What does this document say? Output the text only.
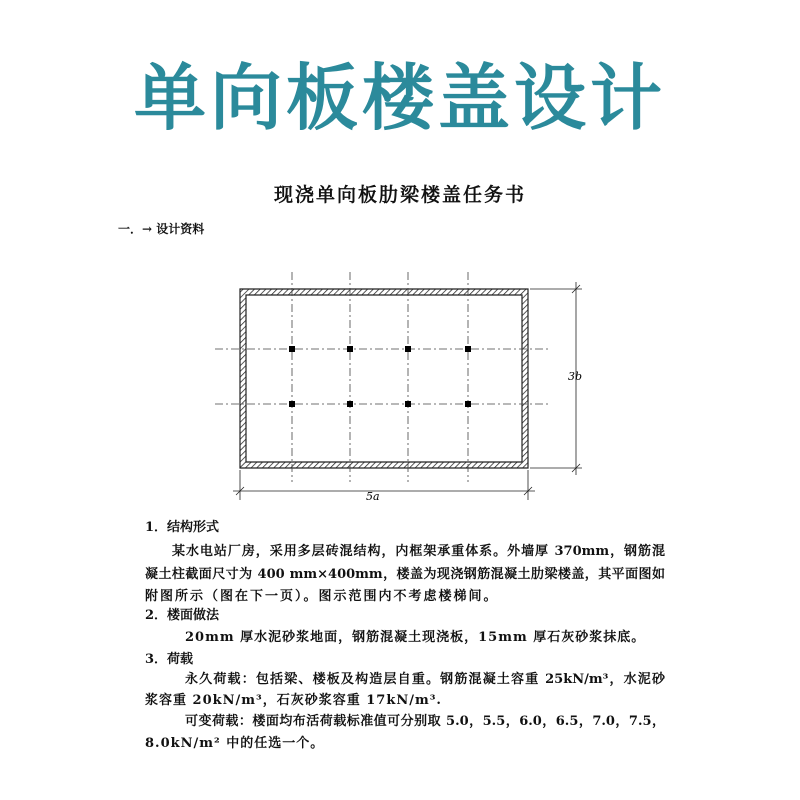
单向板楼盖设计
现浇单向板肋梁楼盖任务书
一．→ 设计资料
3b
5a
1．结构形式
某水电站厂房，采用多层砖混结构，内框架承重体系。外墙厚 370mm，钢筋混
凝土柱截面尺寸为 400 mm×400mm，楼盖为现浇钢筋混凝土肋梁楼盖，其平面图如
附图所示（图在下一页）。图示范围内不考虑楼梯间。
2．楼面做法
20mm 厚水泥砂浆地面，钢筋混凝土现浇板，15mm 厚石灰砂浆抹底。
3．荷载
永久荷载：包括梁、楼板及构造层自重。钢筋混凝土容重 25kN/m³，水泥砂
浆容重 20kN/m³，石灰砂浆容重 17kN/m³.
可变荷载：楼面均布活荷载标准值可分别取 5.0，5.5，6.0，6.5，7.0，7.5，
8.0kN/m² 中的任选一个。
